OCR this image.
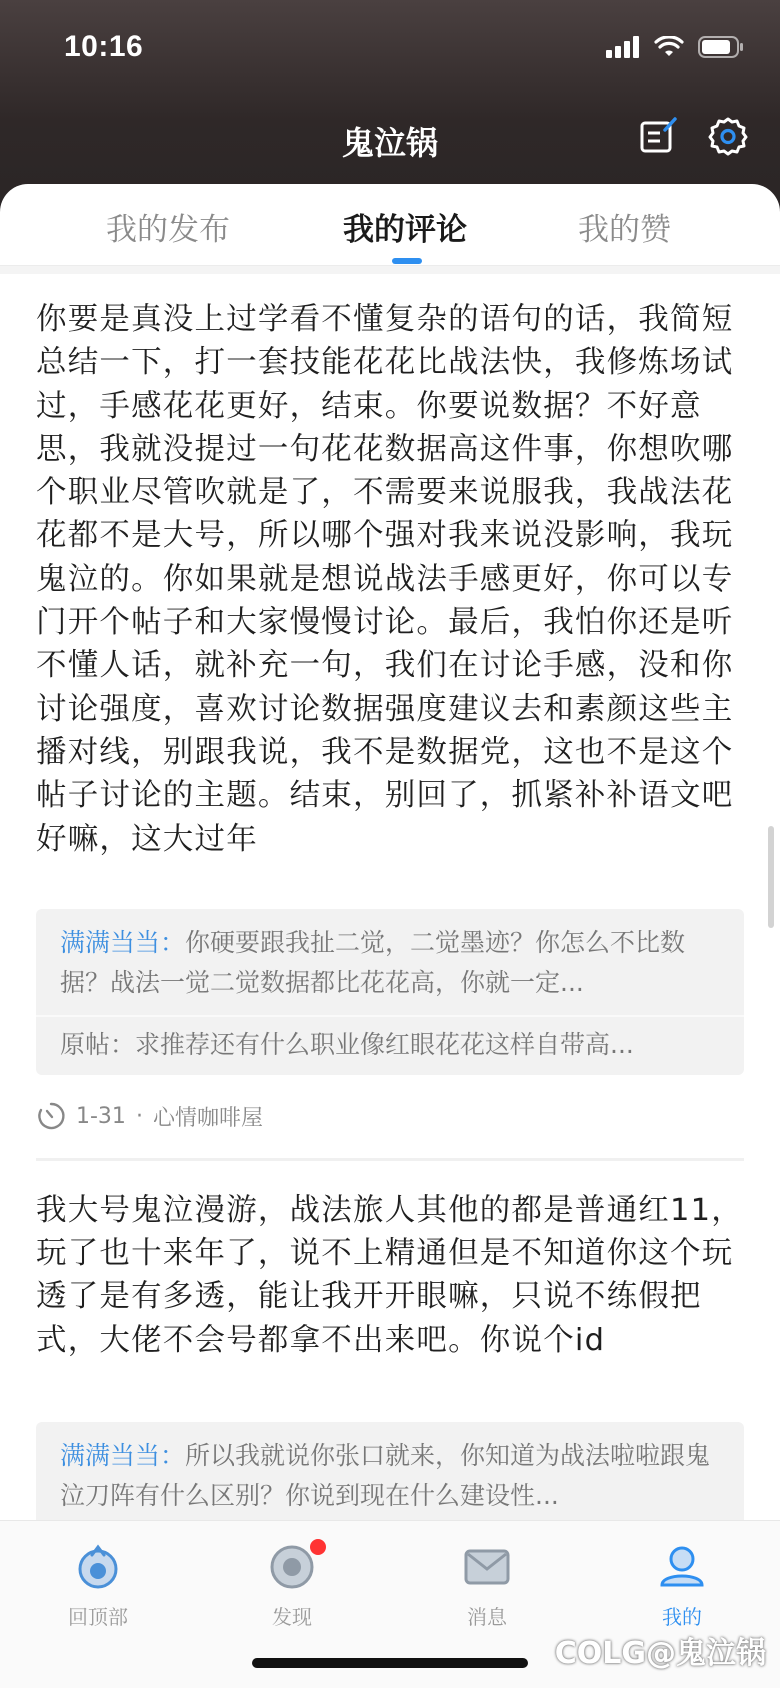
10:16
鬼泣锅
我的发布	我的评论	我的赞
你要是真没上过学看不懂复杂的语句的话，我简短总结一下，打一套技能花花比战法快，我修炼场试过，手感花花更好，结束。你要说数据？不好意思，我就没提过一句花花数据高这件事，你想吹哪个职业尽管吹就是了，不需要来说服我，我战法花花都不是大号，所以哪个强对我来说没影响，我玩鬼泣的。你如果就是想说战法手感更好，你可以专门开个帖子和大家慢慢讨论。最后，我怕你还是听不懂人话，就补充一句，我们在讨论手感，没和你讨论强度，喜欢讨论数据强度建议去和素颜这些主播对线，别跟我说，我不是数据党，这也不是这个帖子讨论的主题。结束，别回了，抓紧补补语文吧好嘛，这大过年
满满当当：你硬要跟我扯二觉，二觉墨迹？你怎么不比数据？战法一觉二觉数据都比花花高，你就一定...
原帖：求推荐还有什么职业像红眼花花这样自带高...
1-31 · 心情咖啡屋
我大号鬼泣漫游，战法旅人其他的都是普通红11，玩了也十来年了，说不上精通但是不知道你这个玩透了是有多透，能让我开开眼嘛，只说不练假把式，大佬不会号都拿不出来吧。你说个id
满满当当：所以我就说你张口就来，你知道为战法啦啦跟鬼泣刀阵有什么区别？你说到现在什么建设性...
回顶部	发现	消息	我的
COLG@鬼泣锅
